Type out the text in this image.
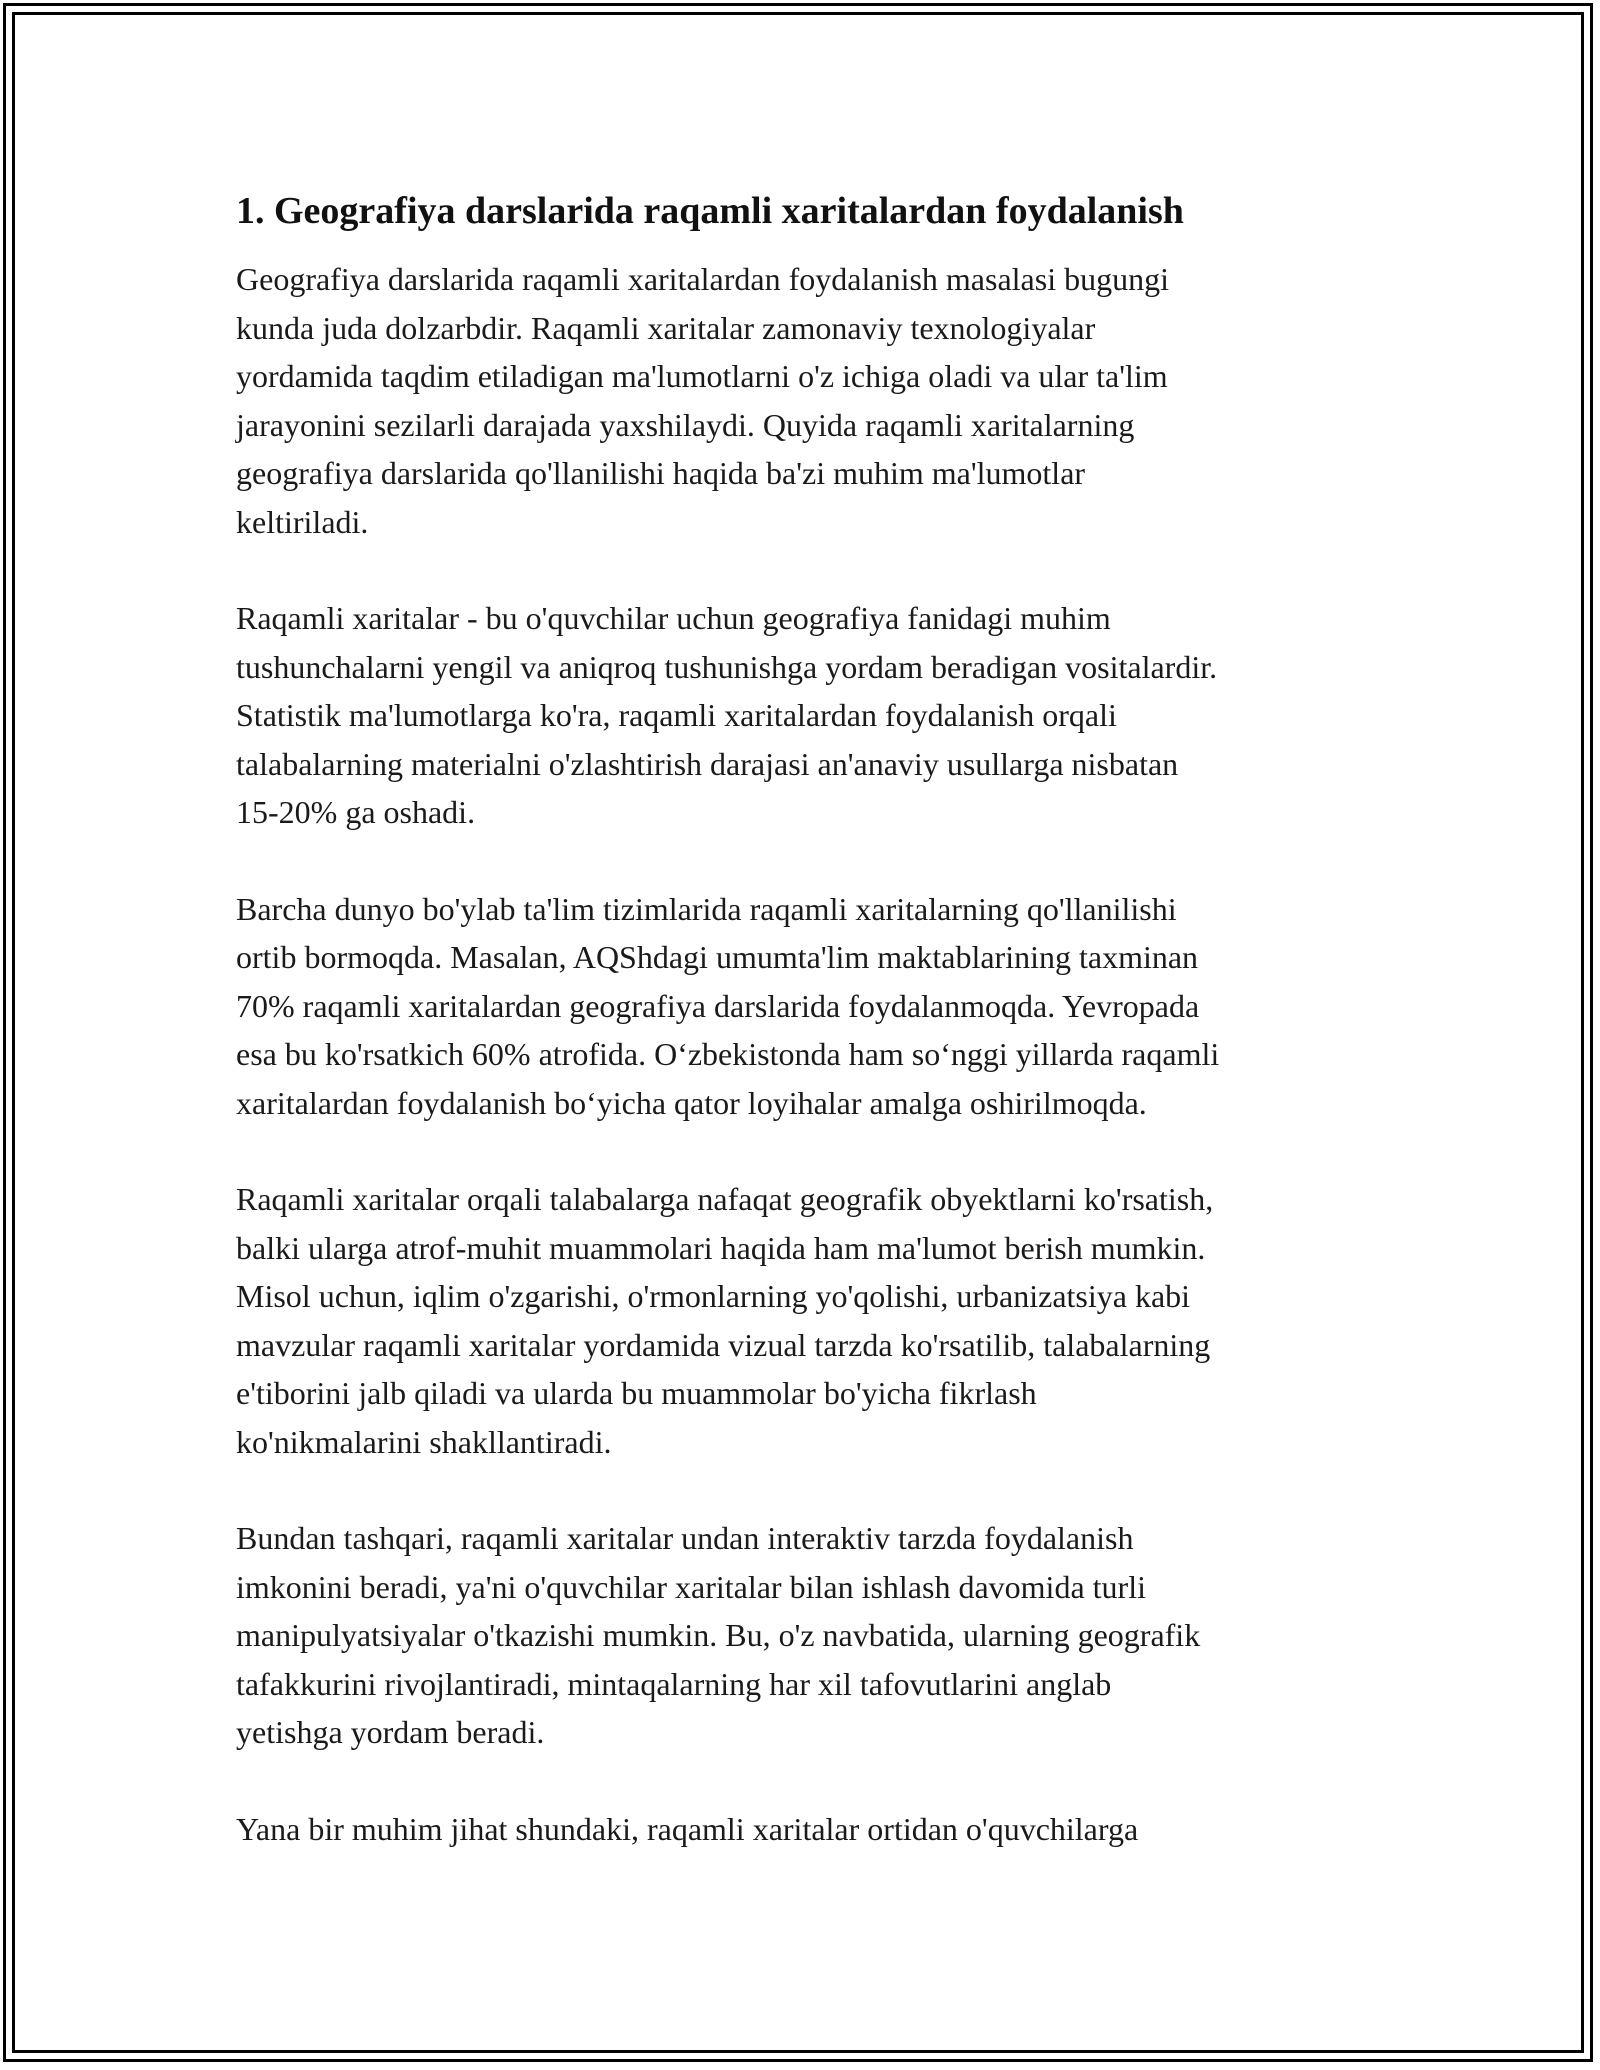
1. Geografiya darslarida raqamli xaritalardan foydalanish

Geografiya darslarida raqamli xaritalardan foydalanish masalasi bugungi
kunda juda dolzarbdir. Raqamli xaritalar zamonaviy texnologiyalar
yordamida taqdim etiladigan ma'lumotlarni o'z ichiga oladi va ular ta'lim
jarayonini sezilarli darajada yaxshilaydi. Quyida raqamli xaritalarning
geografiya darslarida qo'llanilishi haqida ba'zi muhim ma'lumotlar
keltiriladi.

Raqamli xaritalar - bu o'quvchilar uchun geografiya fanidagi muhim
tushunchalarni yengil va aniqroq tushunishga yordam beradigan vositalardir.
Statistik ma'lumotlarga ko'ra, raqamli xaritalardan foydalanish orqali
talabalarning materialni o'zlashtirish darajasi an'anaviy usullarga nisbatan
15-20% ga oshadi.

Barcha dunyo bo'ylab ta'lim tizimlarida raqamli xaritalarning qo'llanilishi
ortib bormoqda. Masalan, AQShdagi umumta'lim maktablarining taxminan
70% raqamli xaritalardan geografiya darslarida foydalanmoqda. Yevropada
esa bu ko'rsatkich 60% atrofida. O‘zbekistonda ham so‘nggi yillarda raqamli
xaritalardan foydalanish bo‘yicha qator loyihalar amalga oshirilmoqda.

Raqamli xaritalar orqali talabalarga nafaqat geografik obyektlarni ko'rsatish,
balki ularga atrof-muhit muammolari haqida ham ma'lumot berish mumkin.
Misol uchun, iqlim o'zgarishi, o'rmonlarning yo'qolishi, urbanizatsiya kabi
mavzular raqamli xaritalar yordamida vizual tarzda ko'rsatilib, talabalarning
e'tiborini jalb qiladi va ularda bu muammolar bo'yicha fikrlash
ko'nikmalarini shakllantiradi.

Bundan tashqari, raqamli xaritalar undan interaktiv tarzda foydalanish
imkonini beradi, ya'ni o'quvchilar xaritalar bilan ishlash davomida turli
manipulyatsiyalar o'tkazishi mumkin. Bu, o'z navbatida, ularning geografik
tafakkurini rivojlantiradi, mintaqalarning har xil tafovutlarini anglab
yetishga yordam beradi.

Yana bir muhim jihat shundaki, raqamli xaritalar ortidan o'quvchilarga
